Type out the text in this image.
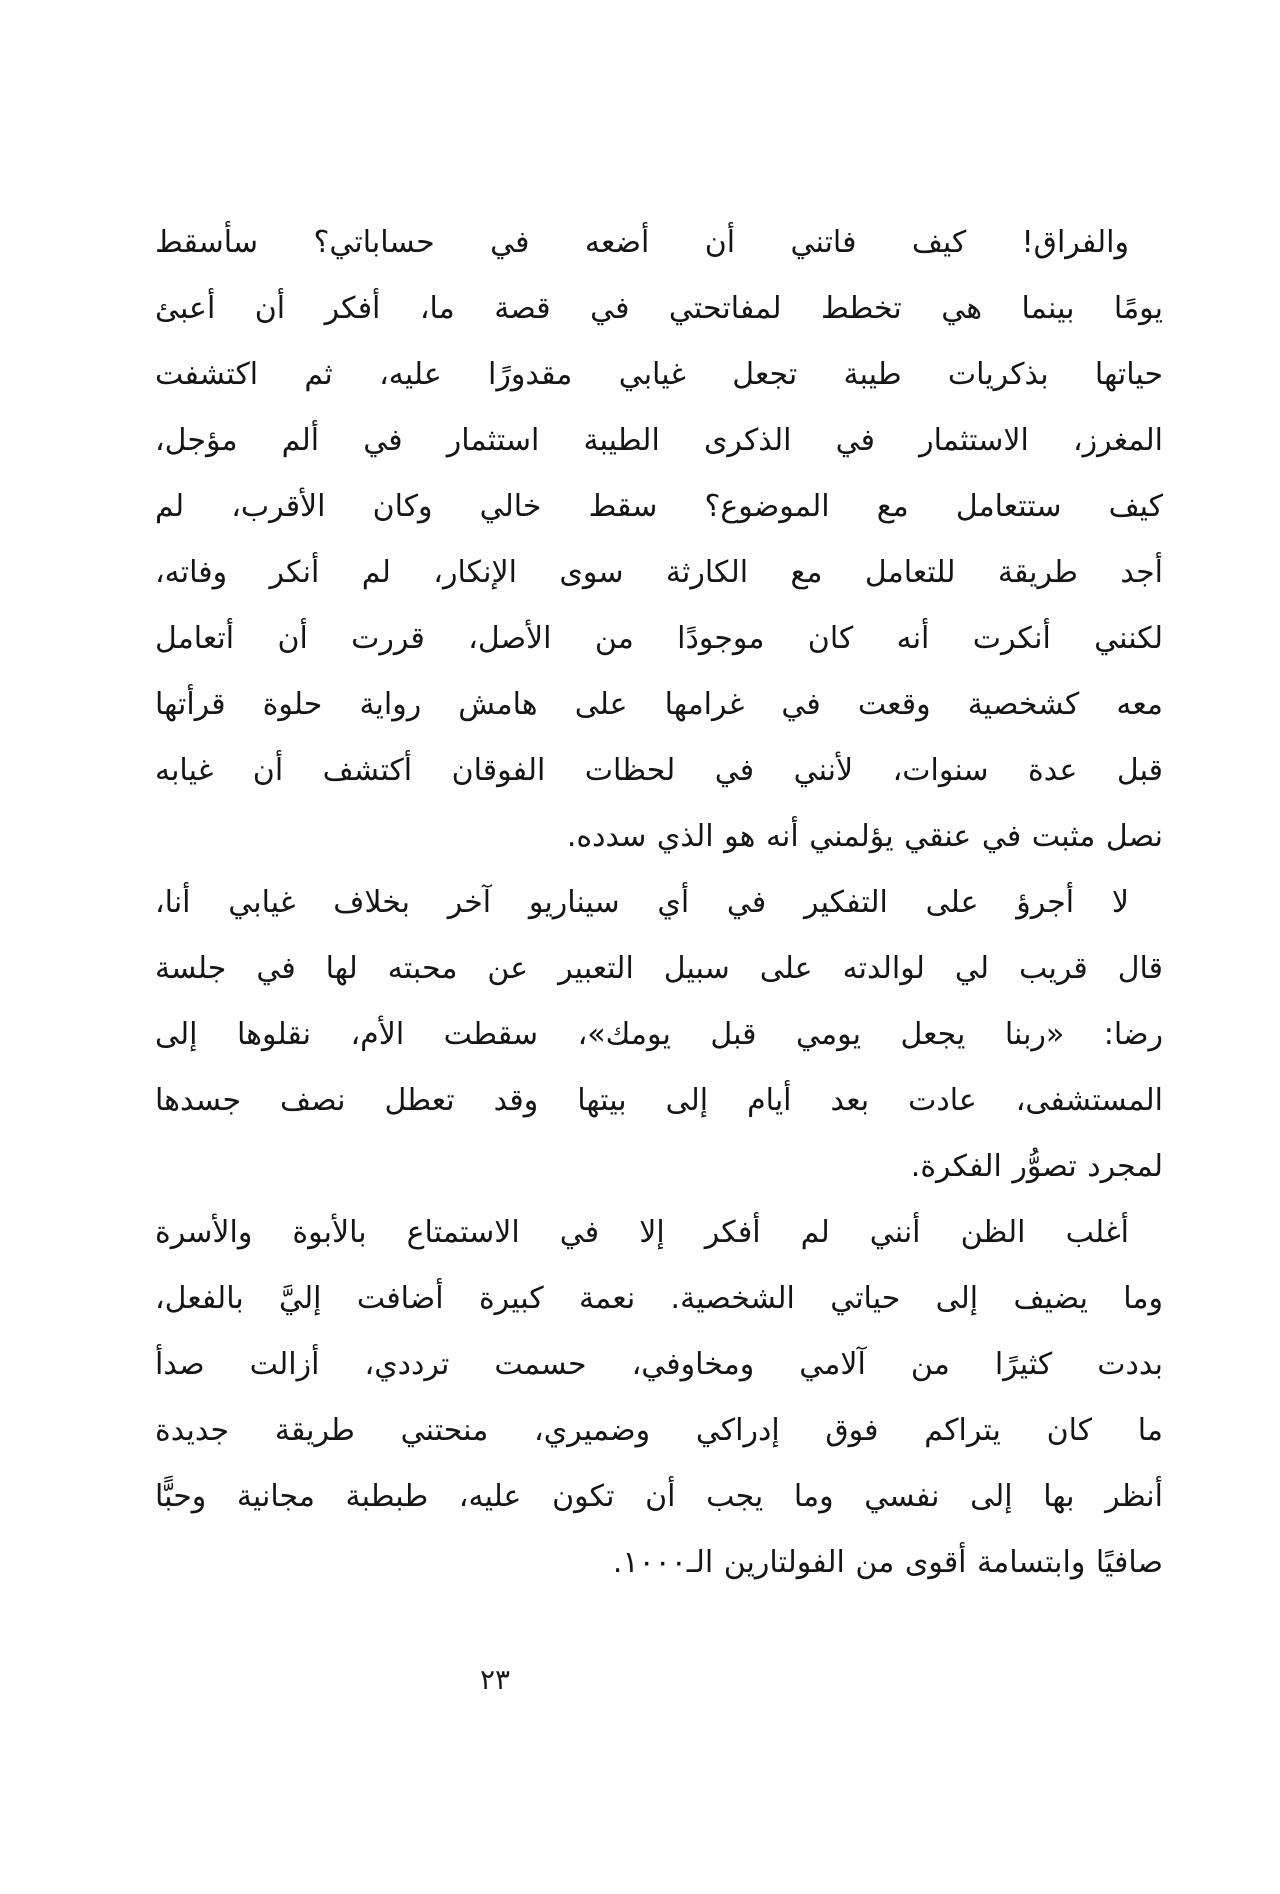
والفراق! كيف فاتني أن أضعه في حساباتي؟ سأسقط
يومًا بينما هي تخطط لمفاتحتي في قصة ما، أفكر أن أعبئ
حياتها بذكريات طيبة تجعل غيابي مقدورًا عليه، ثم اكتشفت
المغرز، الاستثمار في الذكرى الطيبة استثمار في ألم مؤجل،
كيف ستتعامل مع الموضوع؟ سقط خالي وكان الأقرب، لم
أجد طريقة للتعامل مع الكارثة سوى الإنكار، لم أنكر وفاته،
لكنني أنكرت أنه كان موجودًا من الأصل، قررت أن أتعامل
معه كشخصية وقعت في غرامها على هامش رواية حلوة قرأتها
قبل عدة سنوات، لأنني في لحظات الفوقان أكتشف أن غيابه
نصل مثبت في عنقي يؤلمني أنه هو الذي سدده.
لا أجرؤ على التفكير في أي سيناريو آخر بخلاف غيابي أنا،
قال قريب لي لوالدته على سبيل التعبير عن محبته لها في جلسة
رضا: «ربنا يجعل يومي قبل يومك»، سقطت الأم، نقلوها إلى
المستشفى، عادت بعد أيام إلى بيتها وقد تعطل نصف جسدها
لمجرد تصوُّر الفكرة.
أغلب الظن أنني لم أفكر إلا في الاستمتاع بالأبوة والأسرة
وما يضيف إلى حياتي الشخصية. نعمة كبيرة أضافت إليَّ بالفعل،
بددت كثيرًا من آلامي ومخاوفي، حسمت ترددي، أزالت صدأ
ما كان يتراكم فوق إدراكي وضميري، منحتني طريقة جديدة
أنظر بها إلى نفسي وما يجب أن تكون عليه، طبطبة مجانية وحبًّا
صافيًا وابتسامة أقوى من الفولتارين الـ١٠٠٠.
٢٣
